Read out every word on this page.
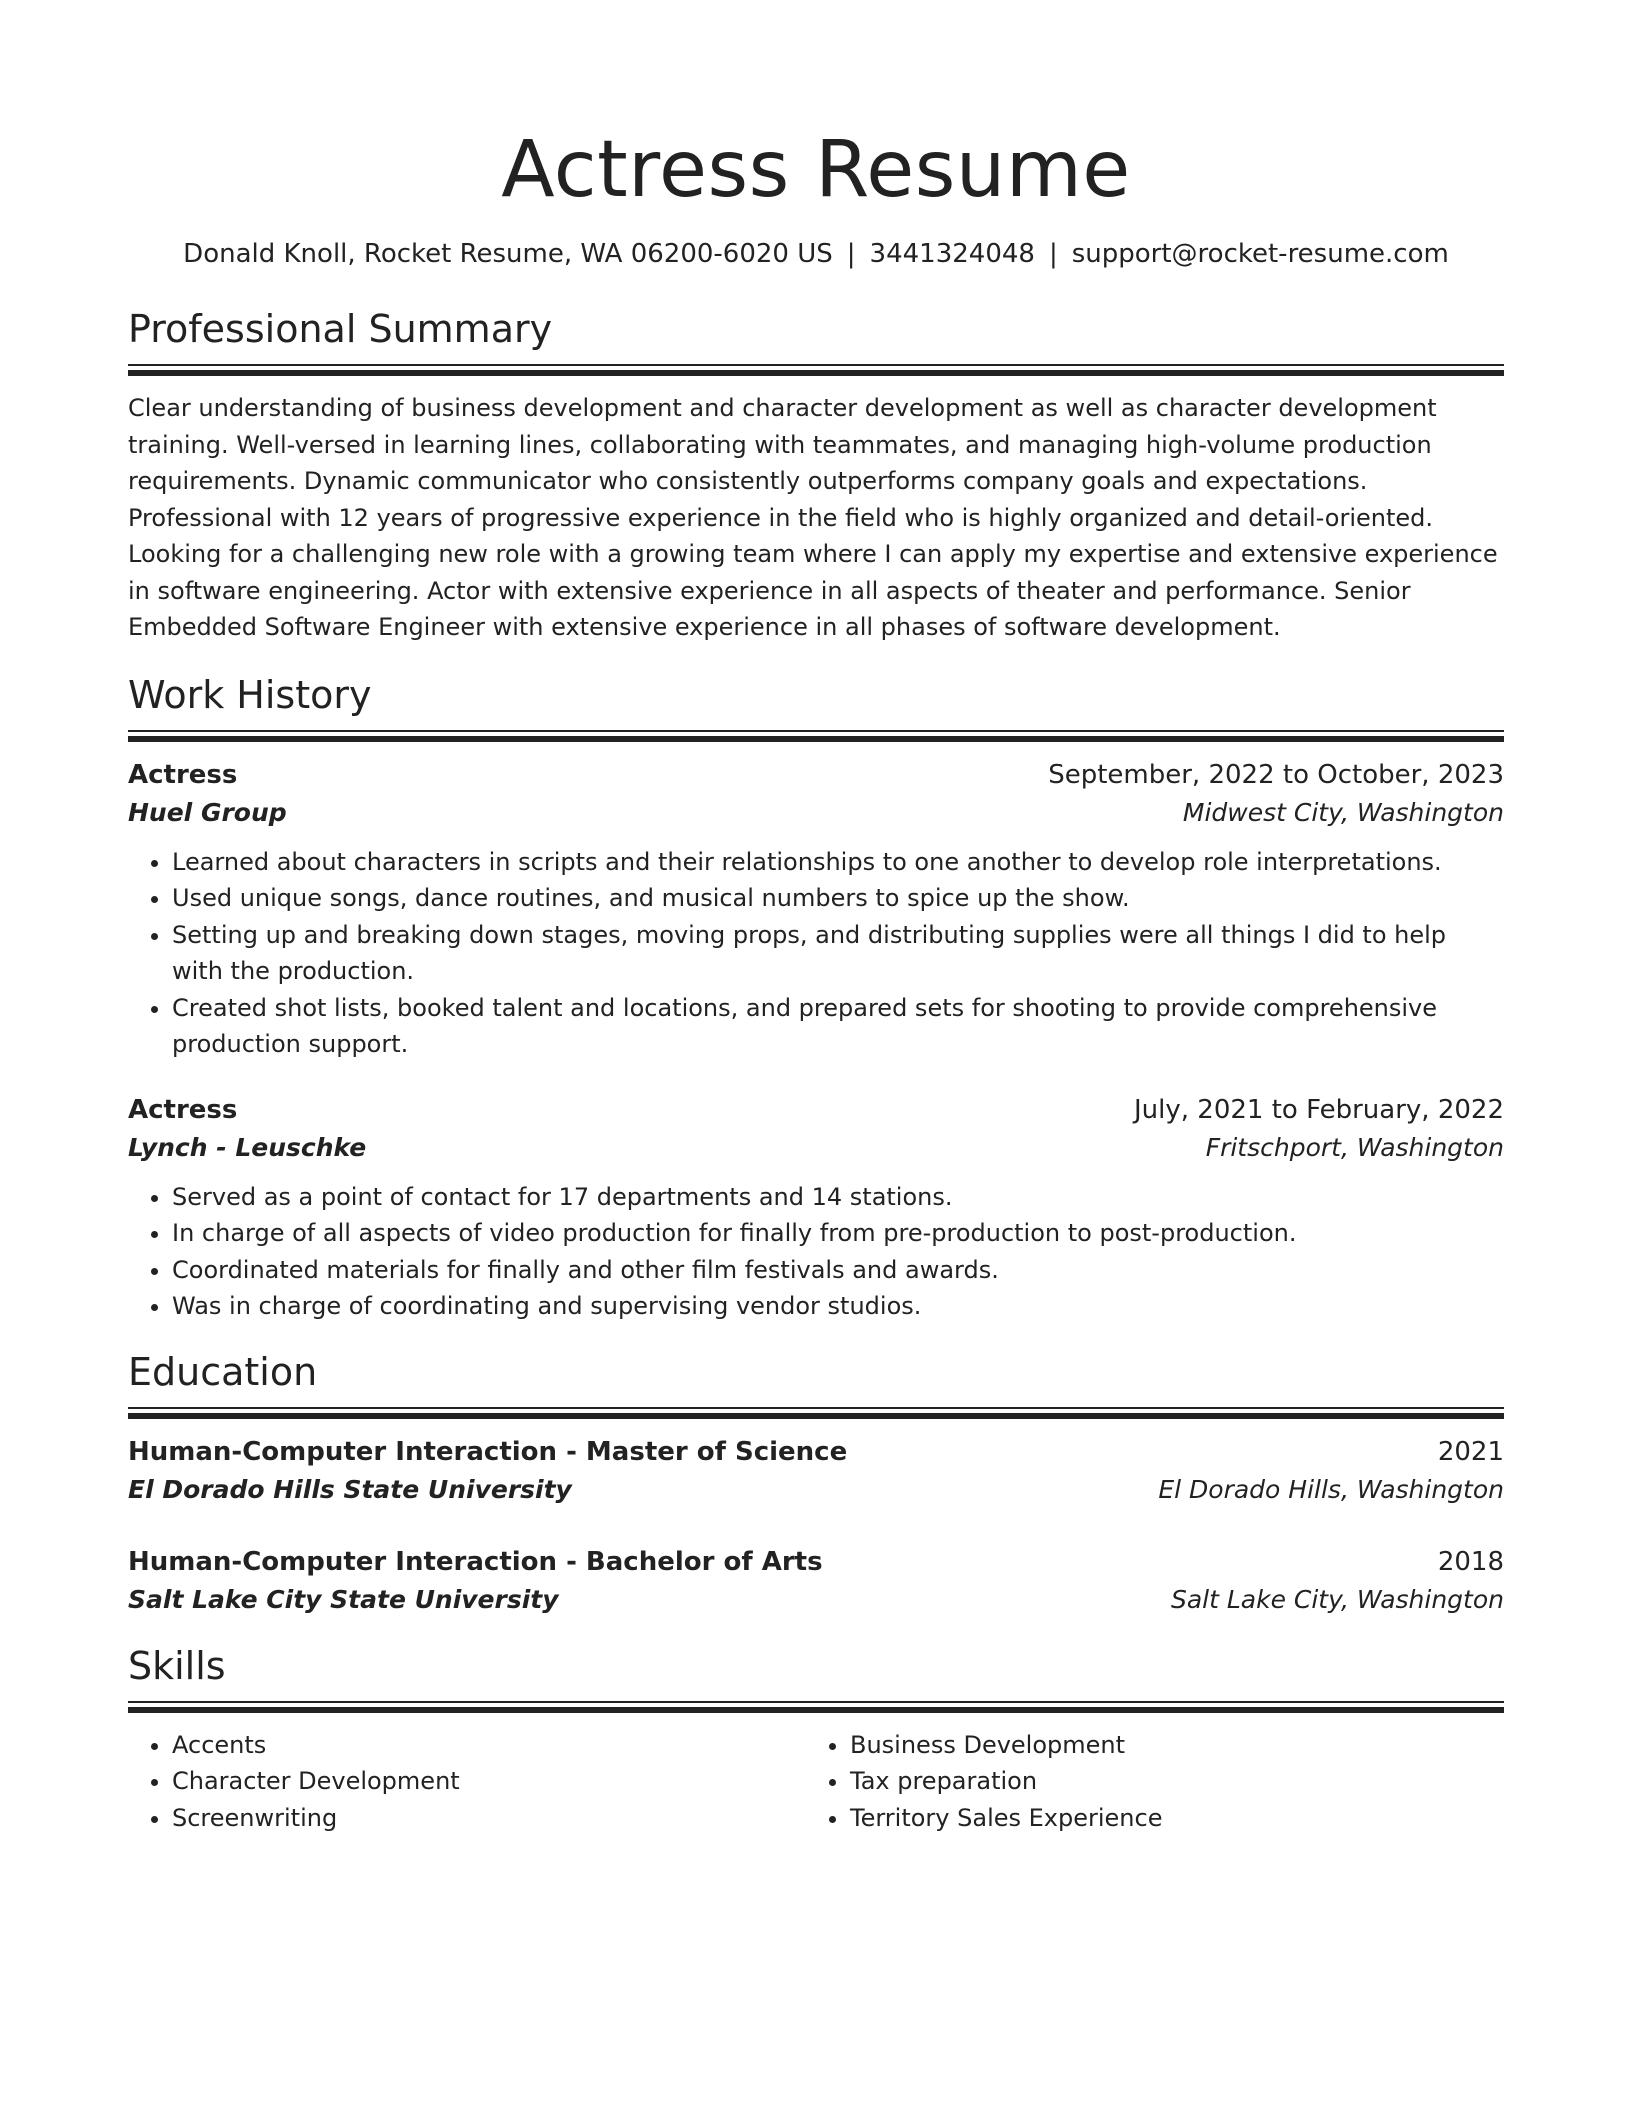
Actress Resume
Donald Knoll, Rocket Resume, WA 06200-6020 US | 3441324048 | support@rocket-resume.com
Professional Summary

Clear understanding of business development and character development as well as character development training. Well-versed in learning lines, collaborating with teammates, and managing high-volume production requirements. Dynamic communicator who consistently outperforms company goals and expectations. Professional with 12 years of progressive experience in the field who is highly organized and detail-oriented. Looking for a challenging new role with a growing team where I can apply my expertise and extensive experience in software engineering. Actor with extensive experience in all aspects of theater and performance. Senior Embedded Software Engineer with extensive experience in all phases of software development.

Work History
Actress	September, 2022 to October, 2023
Huel Group	Midwest City, Washington
• Learned about characters in scripts and their relationships to one another to develop role interpretations.
• Used unique songs, dance routines, and musical numbers to spice up the show.
• Setting up and breaking down stages, moving props, and distributing supplies were all things I did to help with the production.
• Created shot lists, booked talent and locations, and prepared sets for shooting to provide comprehensive production support.
Actress	July, 2021 to February, 2022
Lynch - Leuschke	Fritschport, Washington
• Served as a point of contact for 17 departments and 14 stations.
• In charge of all aspects of video production for finally from pre-production to post-production.
• Coordinated materials for finally and other film festivals and awards.
• Was in charge of coordinating and supervising vendor studios.
Education
Human-Computer Interaction - Master of Science	2021
El Dorado Hills State University	El Dorado Hills, Washington
Human-Computer Interaction - Bachelor of Arts	2018
Salt Lake City State University	Salt Lake City, Washington
Skills
• Accents
• Character Development
• Screenwriting
• Business Development
• Tax preparation
• Territory Sales Experience
